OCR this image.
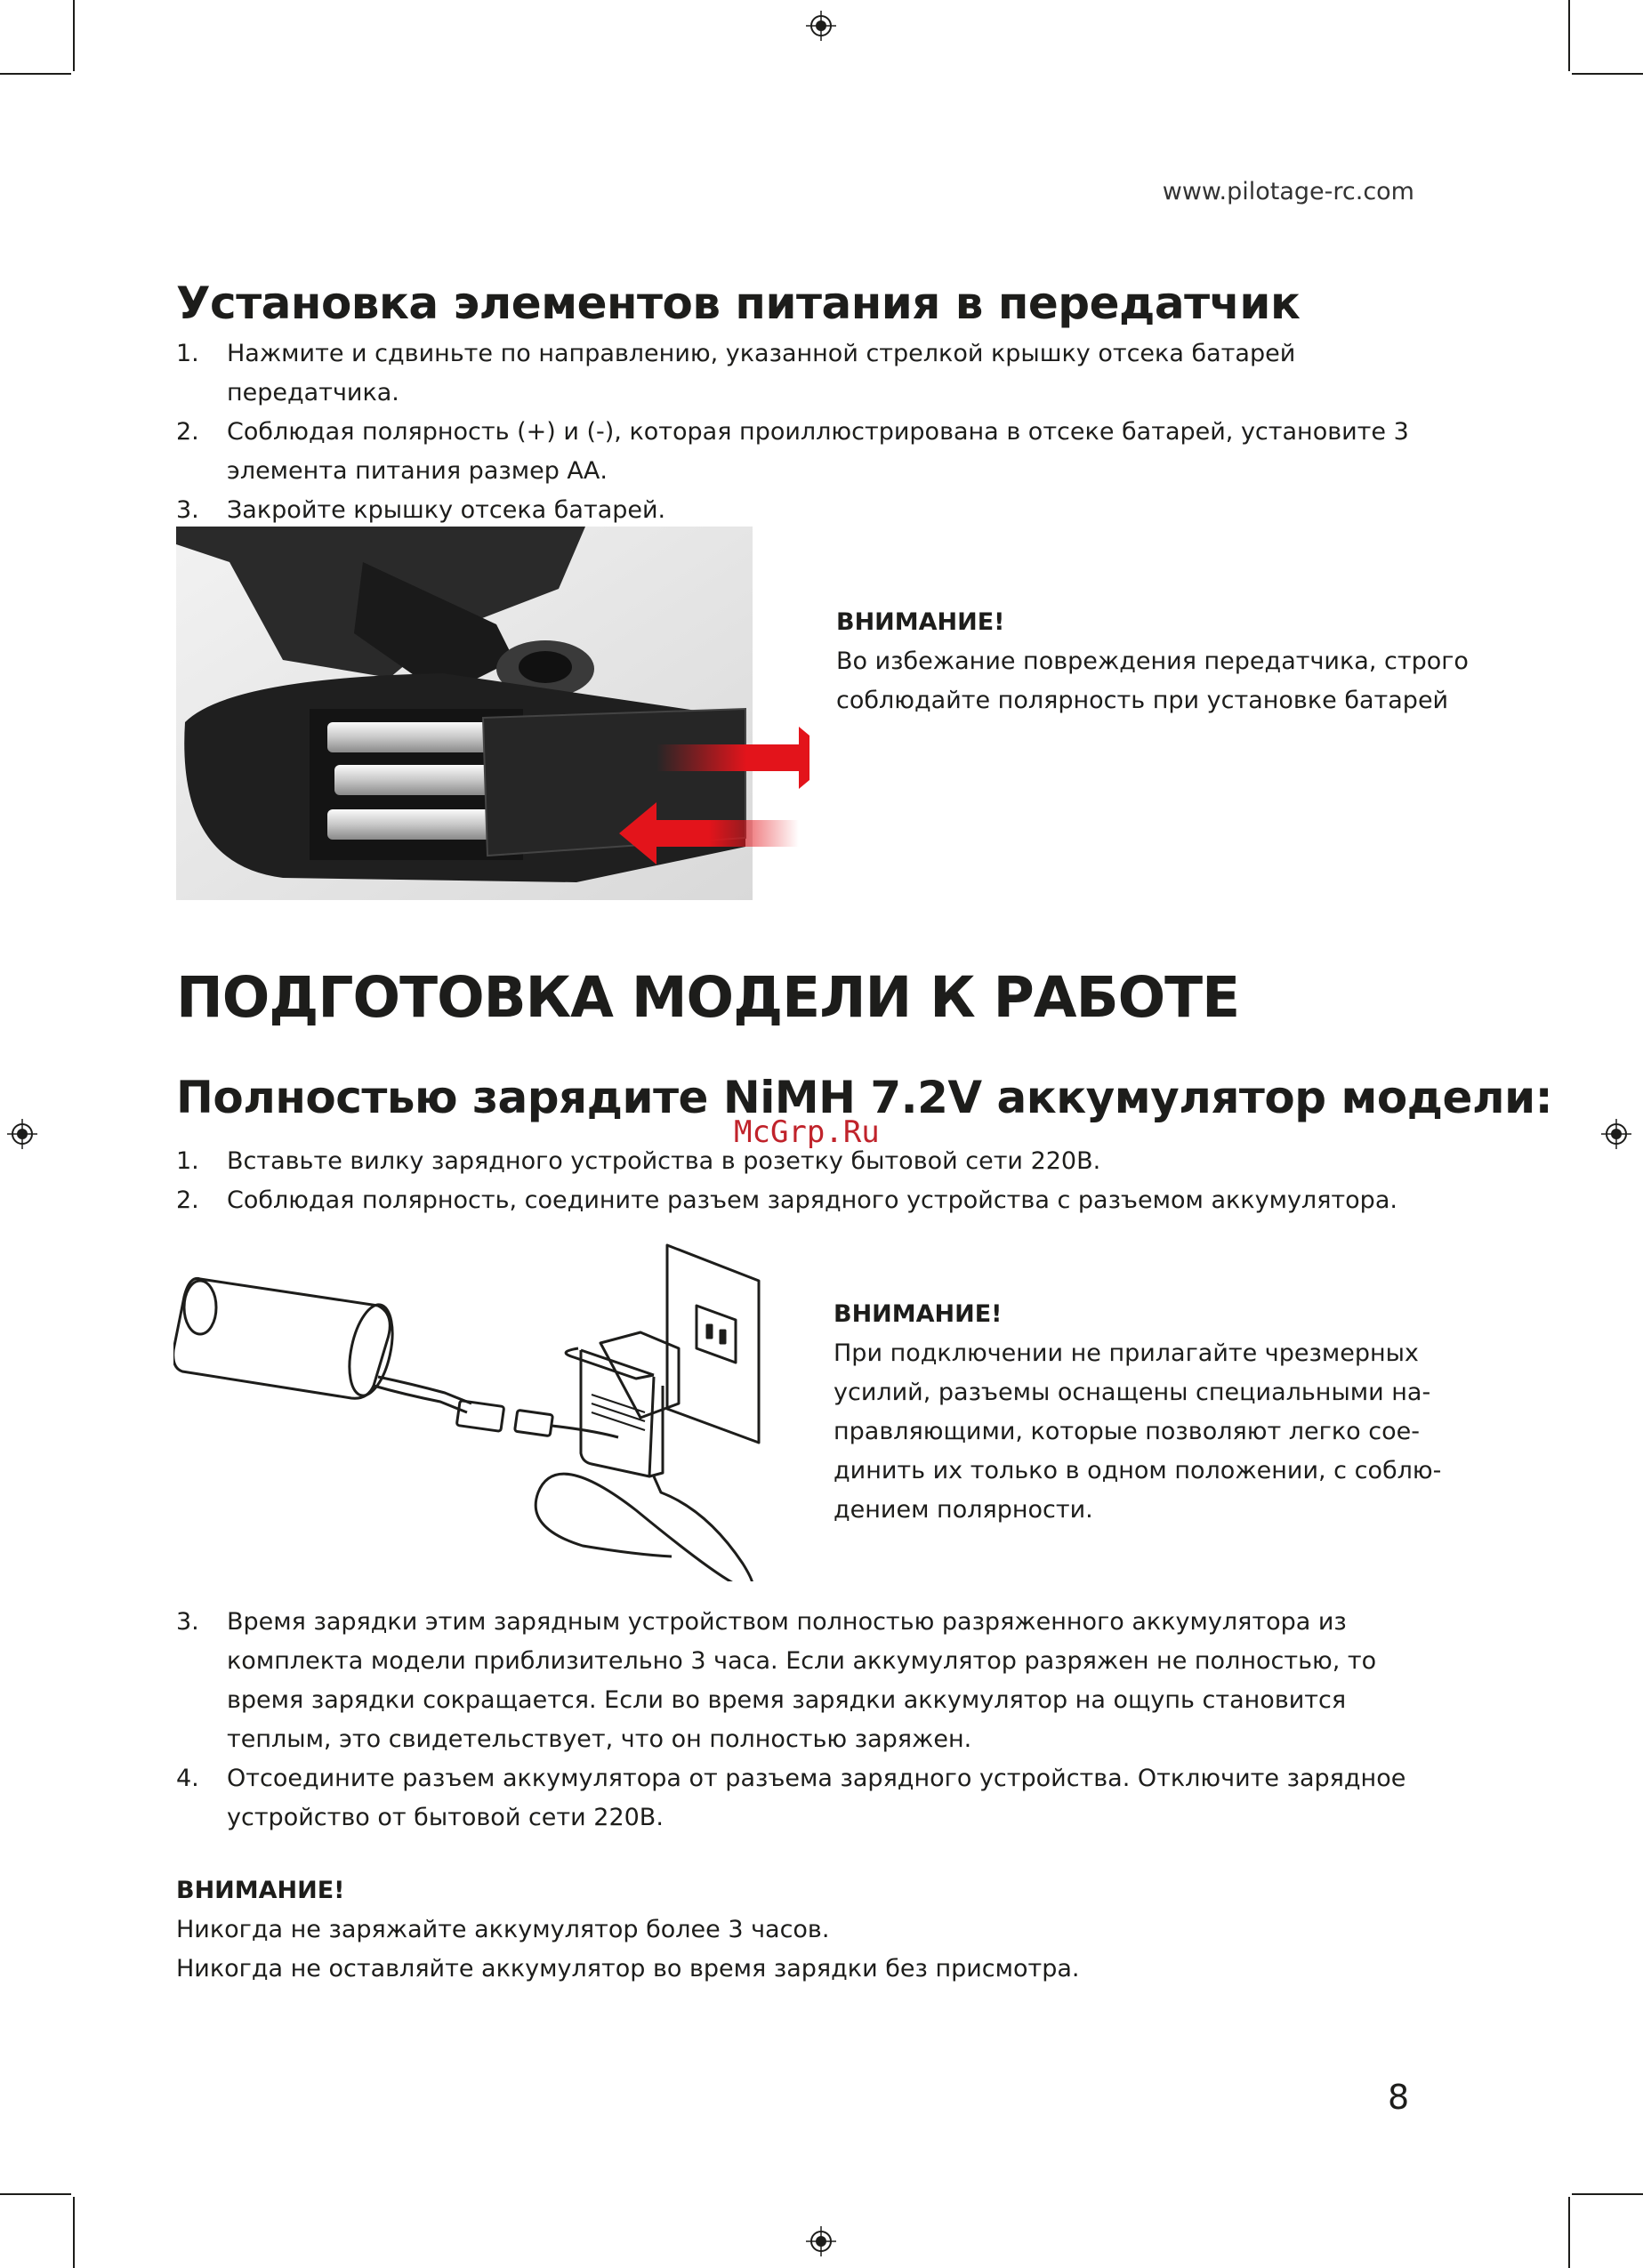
www.pilotage-rc.com
Установка элементов питания в передатчик
1. Нажмите и сдвиньте по направлению, указанной стрелкой крышку отсека батарей передатчика.
2. Соблюдая полярность (+) и (-), которая проиллюстрирована в отсеке батарей, установите 3 элемента питания размер АА.
3. Закройте крышку отсека батарей.
ВНИМАНИЕ!
Во избежание повреждения передатчика, строго
соблюдайте полярность при установке батарей
ПОДГОТОВКА МОДЕЛИ К РАБОТЕ
Полностью зарядите NiMH 7.2V аккумулятор модели:
McGrp.Ru
1. Вставьте вилку зарядного устройства в розетку бытовой сети 220В.
2. Соблюдая полярность, соедините разъем зарядного устройства с разъемом аккумулятора.
ВНИМАНИЕ!
При подключении не прилагайте чрезмерных
усилий, разъемы оснащены специальными на-
правляющими, которые позволяют легко сое-
динить их только в одном положении, с соблю-
дением полярности.
3. Время зарядки этим зарядным устройством полностью разряженного аккумулятора из комплекта модели приблизительно 3 часа. Если аккумулятор разряжен не полностью, то время зарядки сокращается. Если во время зарядки аккумулятор на ощупь становится теплым, это свидетельствует, что он полностью заряжен.
4. Отсоедините разъем аккумулятора от разъема зарядного устройства. Отключите зарядное устройство от бытовой сети 220В.
ВНИМАНИЕ!
Никогда не заряжайте аккумулятор более 3 часов.
Никогда не оставляйте аккумулятор во время зарядки без присмотра.
8
